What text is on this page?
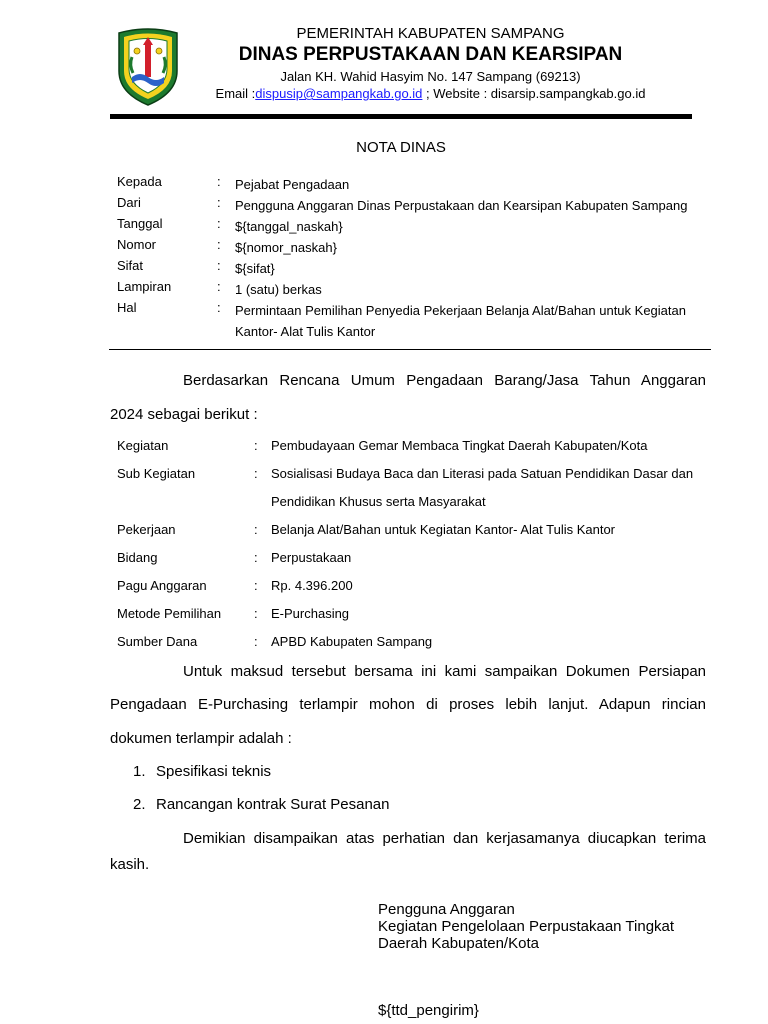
PEMERINTAH KABUPATEN SAMPANG
DINAS PERPUSTAKAAN DAN KEARSIPAN
Jalan KH. Wahid Hasyim No. 147 Sampang (69213)
Email :dispusip@sampangkab.go.id ; Website : disarsip.sampangkab.go.id
NOTA DINAS
Kepada	: Pejabat Pengadaan
Dari	: Pengguna Anggaran Dinas Perpustakaan dan Kearsipan Kabupaten Sampang
Tanggal	: ${tanggal_naskah}
Nomor	: ${nomor_naskah}
Sifat	: ${sifat}
Lampiran	: 1 (satu) berkas
Hal	: Permintaan Pemilihan Penyedia Pekerjaan Belanja Alat/Bahan untuk Kegiatan Kantor- Alat Tulis Kantor
Berdasarkan Rencana Umum Pengadaan Barang/Jasa Tahun Anggaran
2024 sebagai berikut :
Kegiatan	: Pembudayaan Gemar Membaca Tingkat Daerah Kabupaten/Kota
Sub Kegiatan	: Sosialisasi Budaya Baca dan Literasi pada Satuan Pendidikan Dasar dan Pendidikan Khusus serta Masyarakat
Pekerjaan	: Belanja Alat/Bahan untuk Kegiatan Kantor- Alat Tulis Kantor
Bidang	: Perpustakaan
Pagu Anggaran	: Rp. 4.396.200
Metode Pemilihan	: E-Purchasing
Sumber Dana	: APBD Kabupaten Sampang
Untuk maksud tersebut bersama ini kami sampaikan Dokumen Persiapan
Pengadaan E-Purchasing terlampir mohon di proses lebih lanjut. Adapun rincian
dokumen terlampir adalah :
1. Spesifikasi teknis
2. Rancangan kontrak Surat Pesanan
Demikian disampaikan atas perhatian dan kerjasamanya diucapkan terima
kasih.
Pengguna Anggaran
Kegiatan Pengelolaan Perpustakaan Tingkat
Daerah Kabupaten/Kota
${ttd_pengirim}
